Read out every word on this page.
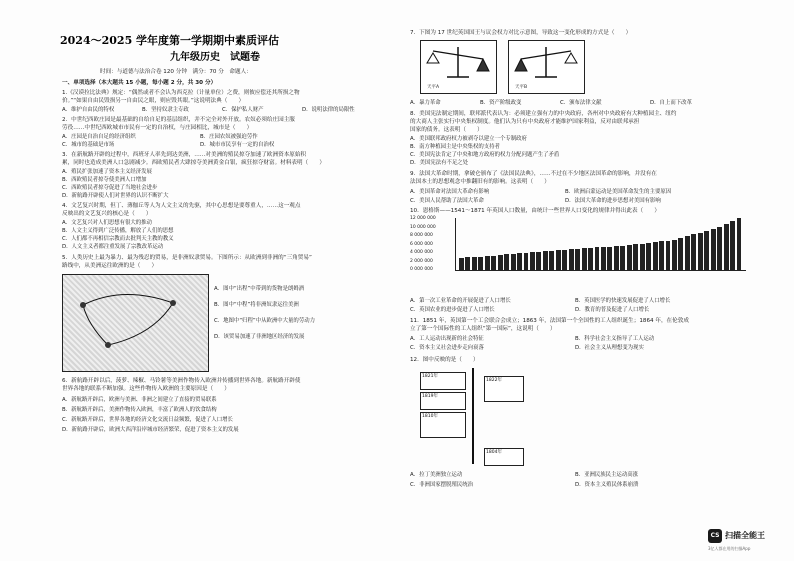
2024～2025 学年度第一学期期中素质评估
九年级历史　试题卷
时间：与道德与法治合卷 120 分钟　满分：70 分　命题人：
一、单项选择（本大题共 15 小题，每小题 2 分，共 30 分）
1.《汉谟拉比法典》规定：“偶然或者不会认为西克拉（计量单位）之费，则彼应偿还其所损之物
价。”“如果自由民毁损另一自由民之眼，则应毁其眼。”这说明法典（　　）
A．维护自由民的特权	B．坚持奴隶主专政	C．保护私人财产	D．说明法律的局限性
2．中世纪西欧庄园是最基础的自给自足的基层组织，并不完全对外开放。农奴必须给庄园主服
劳役……中世纪西欧城市市民有一定的自治权，与庄园相比，城市是（　　）
A．庄园是自治自足的经济组织	B．庄园农奴被强迫劳作
C．城市的基础是市场	D．城市市民享有一定的自治权
3．在新航路开辟的过程中，西班牙人率先到达美洲，……对美洲的殖民掠夺加速了欧洲资本原始积
累，同时也造成美洲人口急剧减少。西欧殖民者大肆掠夺美洲黄金白银，疯狂掠夺财富。材料表明（　　）
A．殖民扩张加速了资本主义经济发展
B．西欧殖民者掠夺使美洲人口增加
C．西欧殖民者掠夺促进了当地社会进步
D．新航路开辟使人们对世界的认识不断扩大
4．文艺复兴时期，但丁、薄伽丘等人为人文主义的先驱，其中心思想是要尊重人，……这一观点
反映出的文艺复兴的核心是（　　）
A．文艺复兴对人们思想有很大的推动
B．人文主义得到广泛传播，解放了人们的思想
C．人们都不再相信宗教而去批判天主教的教义
D．人文主义者都注重发展了宗教改革运动
5．人类历史上最为暴力、最为残忍的贸易，是非洲奴隶贸易。下图所示：从欧洲到非洲的“三角贸易”
路线中，从美洲运往欧洲的是（　　）
A．图中“出程”中带到的货物是朗姆酒
B．图中“中程”将非洲奴隶运往美洲
C．地图中“归程”中从欧洲中大量的劳动力
D．该贸易加速了非洲地区经济的发展
6．新航路开辟以后，菠萝、辣椒、马铃薯等美洲作物传入欧洲并传播到世界各地。新航路开辟使
世界各地的联系不断加强。这些作物传入欧洲的主要原因是（　　）
A．新航路开辟后，欧洲与美洲、非洲之间建立了直接的贸易联系
B．新航路开辟后，美洲作物传入欧洲，丰富了欧洲人的饮食结构
C．新航路开辟后，世界各地的经济文化交流日益频繁，促进了人口增长
D．新航路开辟后，欧洲大西洋沿岸城市经济繁荣，促进了资本主义的发展
7．下图为 17 世纪英国国王与议会权力对比示意图，导致这一变化形成的方式是（　　）
天平A	天平B
A．暴力革命	B．资产阶级政变	C．颁布法律文献	D．自上而下改革
8．美国宪法制定期间，联邦派代表认为：必须建立强有力的中央政府，各州对中央政府有大种植园主、纽约
的大商人主张实行中央集权制度。他们认为只有中央政府才能维护国家利益，反对由联邦承担
国家的债务。这表明（　　）
A．美国联邦政府权力被剥夺以建立一个专制政府
B．南方种植园主是中央集权的支持者
C．美国宪法肯定了中央和地方政府的权力分配问题产生了矛盾
D．美国宪法有不足之处
9．法国大革命时期，拿破仑颁布了《法国民法典》，……不过在不少地区法国革命的影响，并没有在
法国本土的思想观念中推翻旧有的影响。这表明（　　）
A．美国革命对法国大革命有影响	B．欧洲启蒙运动是美国革命发生的主要原因
C．美国人民帮助了法国大革命	D．法国大革命的进步思想对美国有影响
10．恩格斯——1541～1871 年英国人口数量，由统计一些世界人口变化的规律并得出此表（　　）
12 000 000
10 000 000
8 000 000
6 000 000
4 000 000
2 000 000
0 000 000
A．第一次工业革命的开展促进了人口增长	B．英国医学的快速发展促进了人口增长
C．英国农业的进步促进了人口增长	D．教育的普及促进了人口增长
11．1851 年，英国第一个工会联合会成立；1863 年，法国第一个全国性的工人组织诞生；1864 年，在伦敦成
立了第一个国际性的工人组织“第一国际”，这说明（　　）
A．工人运动出现新的社会特征	B．科学社会主义指导了工人运动
C．资本主义社会进步走向衰落	D．社会主义从理想变为现实
12．图中反映的是（　　）
1821年
1822年
1819年
1810年
1804年
A．拉丁美洲独立运动	B．亚洲民族民主运动高涨
C．非洲国家摆脱殖民统治	D．资本主义殖民体系崩溃
CS 扫描全能王
3亿人都在用的扫描App
